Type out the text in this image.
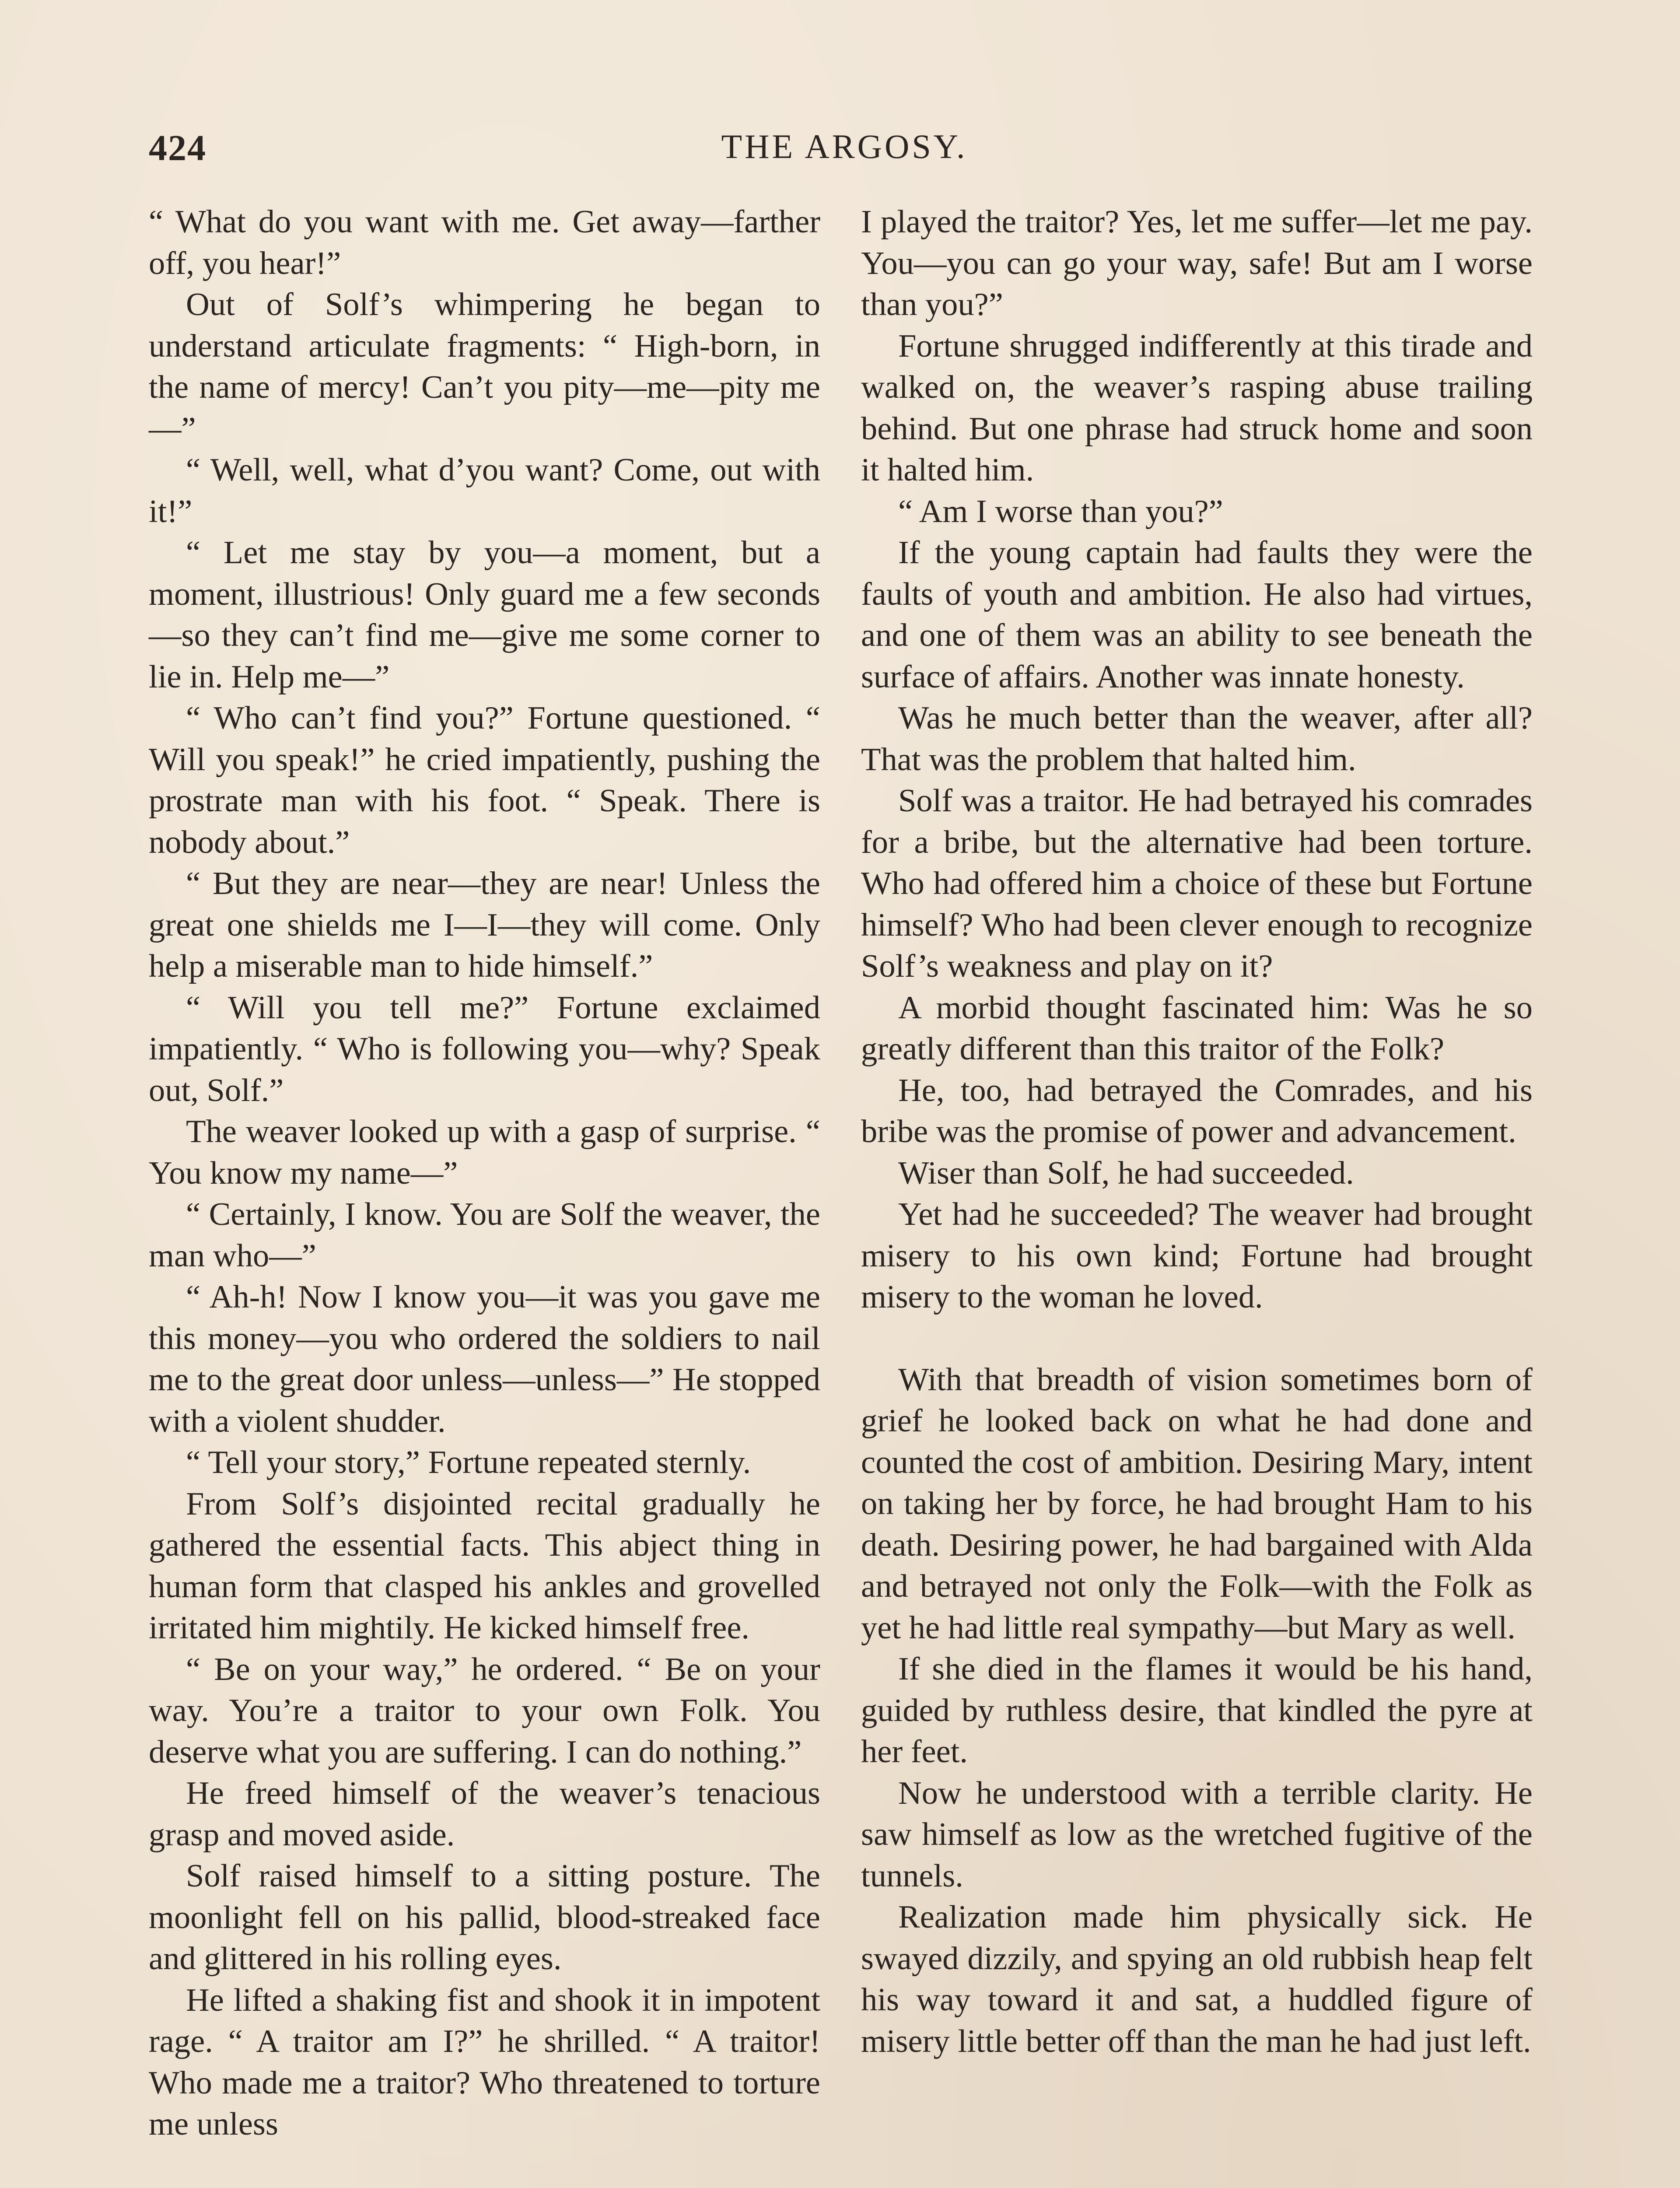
424	THE ARGOSY.

“ What do you want with me. Get away—farther off, you hear!”

Out of Solf’s whimpering he began to understand articulate fragments: “ High-born, in the name of mercy! Can’t you pity—me—pity me—”

“ Well, well, what d’you want? Come, out with it!”

“ Let me stay by you—a moment, but a moment, illustrious! Only guard me a few seconds—so they can’t find me—give me some corner to lie in. Help me—”

“ Who can’t find you?” Fortune questioned. “ Will you speak!” he cried impatiently, pushing the prostrate man with his foot. “ Speak. There is nobody about.”

“ But they are near—they are near! Unless the great one shields me I—I—they will come. Only help a miserable man to hide himself.”

“ Will you tell me?” Fortune exclaimed impatiently. “ Who is following you—why? Speak out, Solf.”

The weaver looked up with a gasp of surprise. “ You know my name—”

“ Certainly, I know. You are Solf the weaver, the man who—”

“ Ah-h! Now I know you—it was you gave me this money—you who ordered the soldiers to nail me to the great door unless—unless—” He stopped with a violent shudder.

“ Tell your story,” Fortune repeated sternly.

From Solf’s disjointed recital gradually he gathered the essential facts. This abject thing in human form that clasped his ankles and grovelled irritated him mightily. He kicked himself free.

“ Be on your way,” he ordered. “ Be on your way. You’re a traitor to your own Folk. You deserve what you are suffering. I can do nothing.”

He freed himself of the weaver’s tenacious grasp and moved aside.

Solf raised himself to a sitting posture. The moonlight fell on his pallid, blood-streaked face and glittered in his rolling eyes.

He lifted a shaking fist and shook it in impotent rage. “ A traitor am I?” he shrilled. “ A traitor! Who made me a traitor? Who threatened to torture me unless

I played the traitor? Yes, let me suffer—let me pay. You—you can go your way, safe! But am I worse than you?”

Fortune shrugged indifferently at this tirade and walked on, the weaver’s rasping abuse trailing behind. But one phrase had struck home and soon it halted him.

“ Am I worse than you?”

If the young captain had faults they were the faults of youth and ambition. He also had virtues, and one of them was an ability to see beneath the surface of affairs. Another was innate honesty.

Was he much better than the weaver, after all? That was the problem that halted him.

Solf was a traitor. He had betrayed his comrades for a bribe, but the alternative had been torture. Who had offered him a choice of these but Fortune himself? Who had been clever enough to recognize Solf’s weakness and play on it?

A morbid thought fascinated him: Was he so greatly different than this traitor of the Folk?

He, too, had betrayed the Comrades, and his bribe was the promise of power and advancement.

Wiser than Solf, he had succeeded.

Yet had he succeeded? The weaver had brought misery to his own kind; Fortune had brought misery to the woman he loved.

With that breadth of vision sometimes born of grief he looked back on what he had done and counted the cost of ambition. Desiring Mary, intent on taking her by force, he had brought Ham to his death. Desiring power, he had bargained with Alda and betrayed not only the Folk—with the Folk as yet he had little real sympathy—but Mary as well.

If she died in the flames it would be his hand, guided by ruthless desire, that kindled the pyre at her feet.

Now he understood with a terrible clarity. He saw himself as low as the wretched fugitive of the tunnels.

Realization made him physically sick. He swayed dizzily, and spying an old rubbish heap felt his way toward it and sat, a huddled figure of misery little better off than the man he had just left.
